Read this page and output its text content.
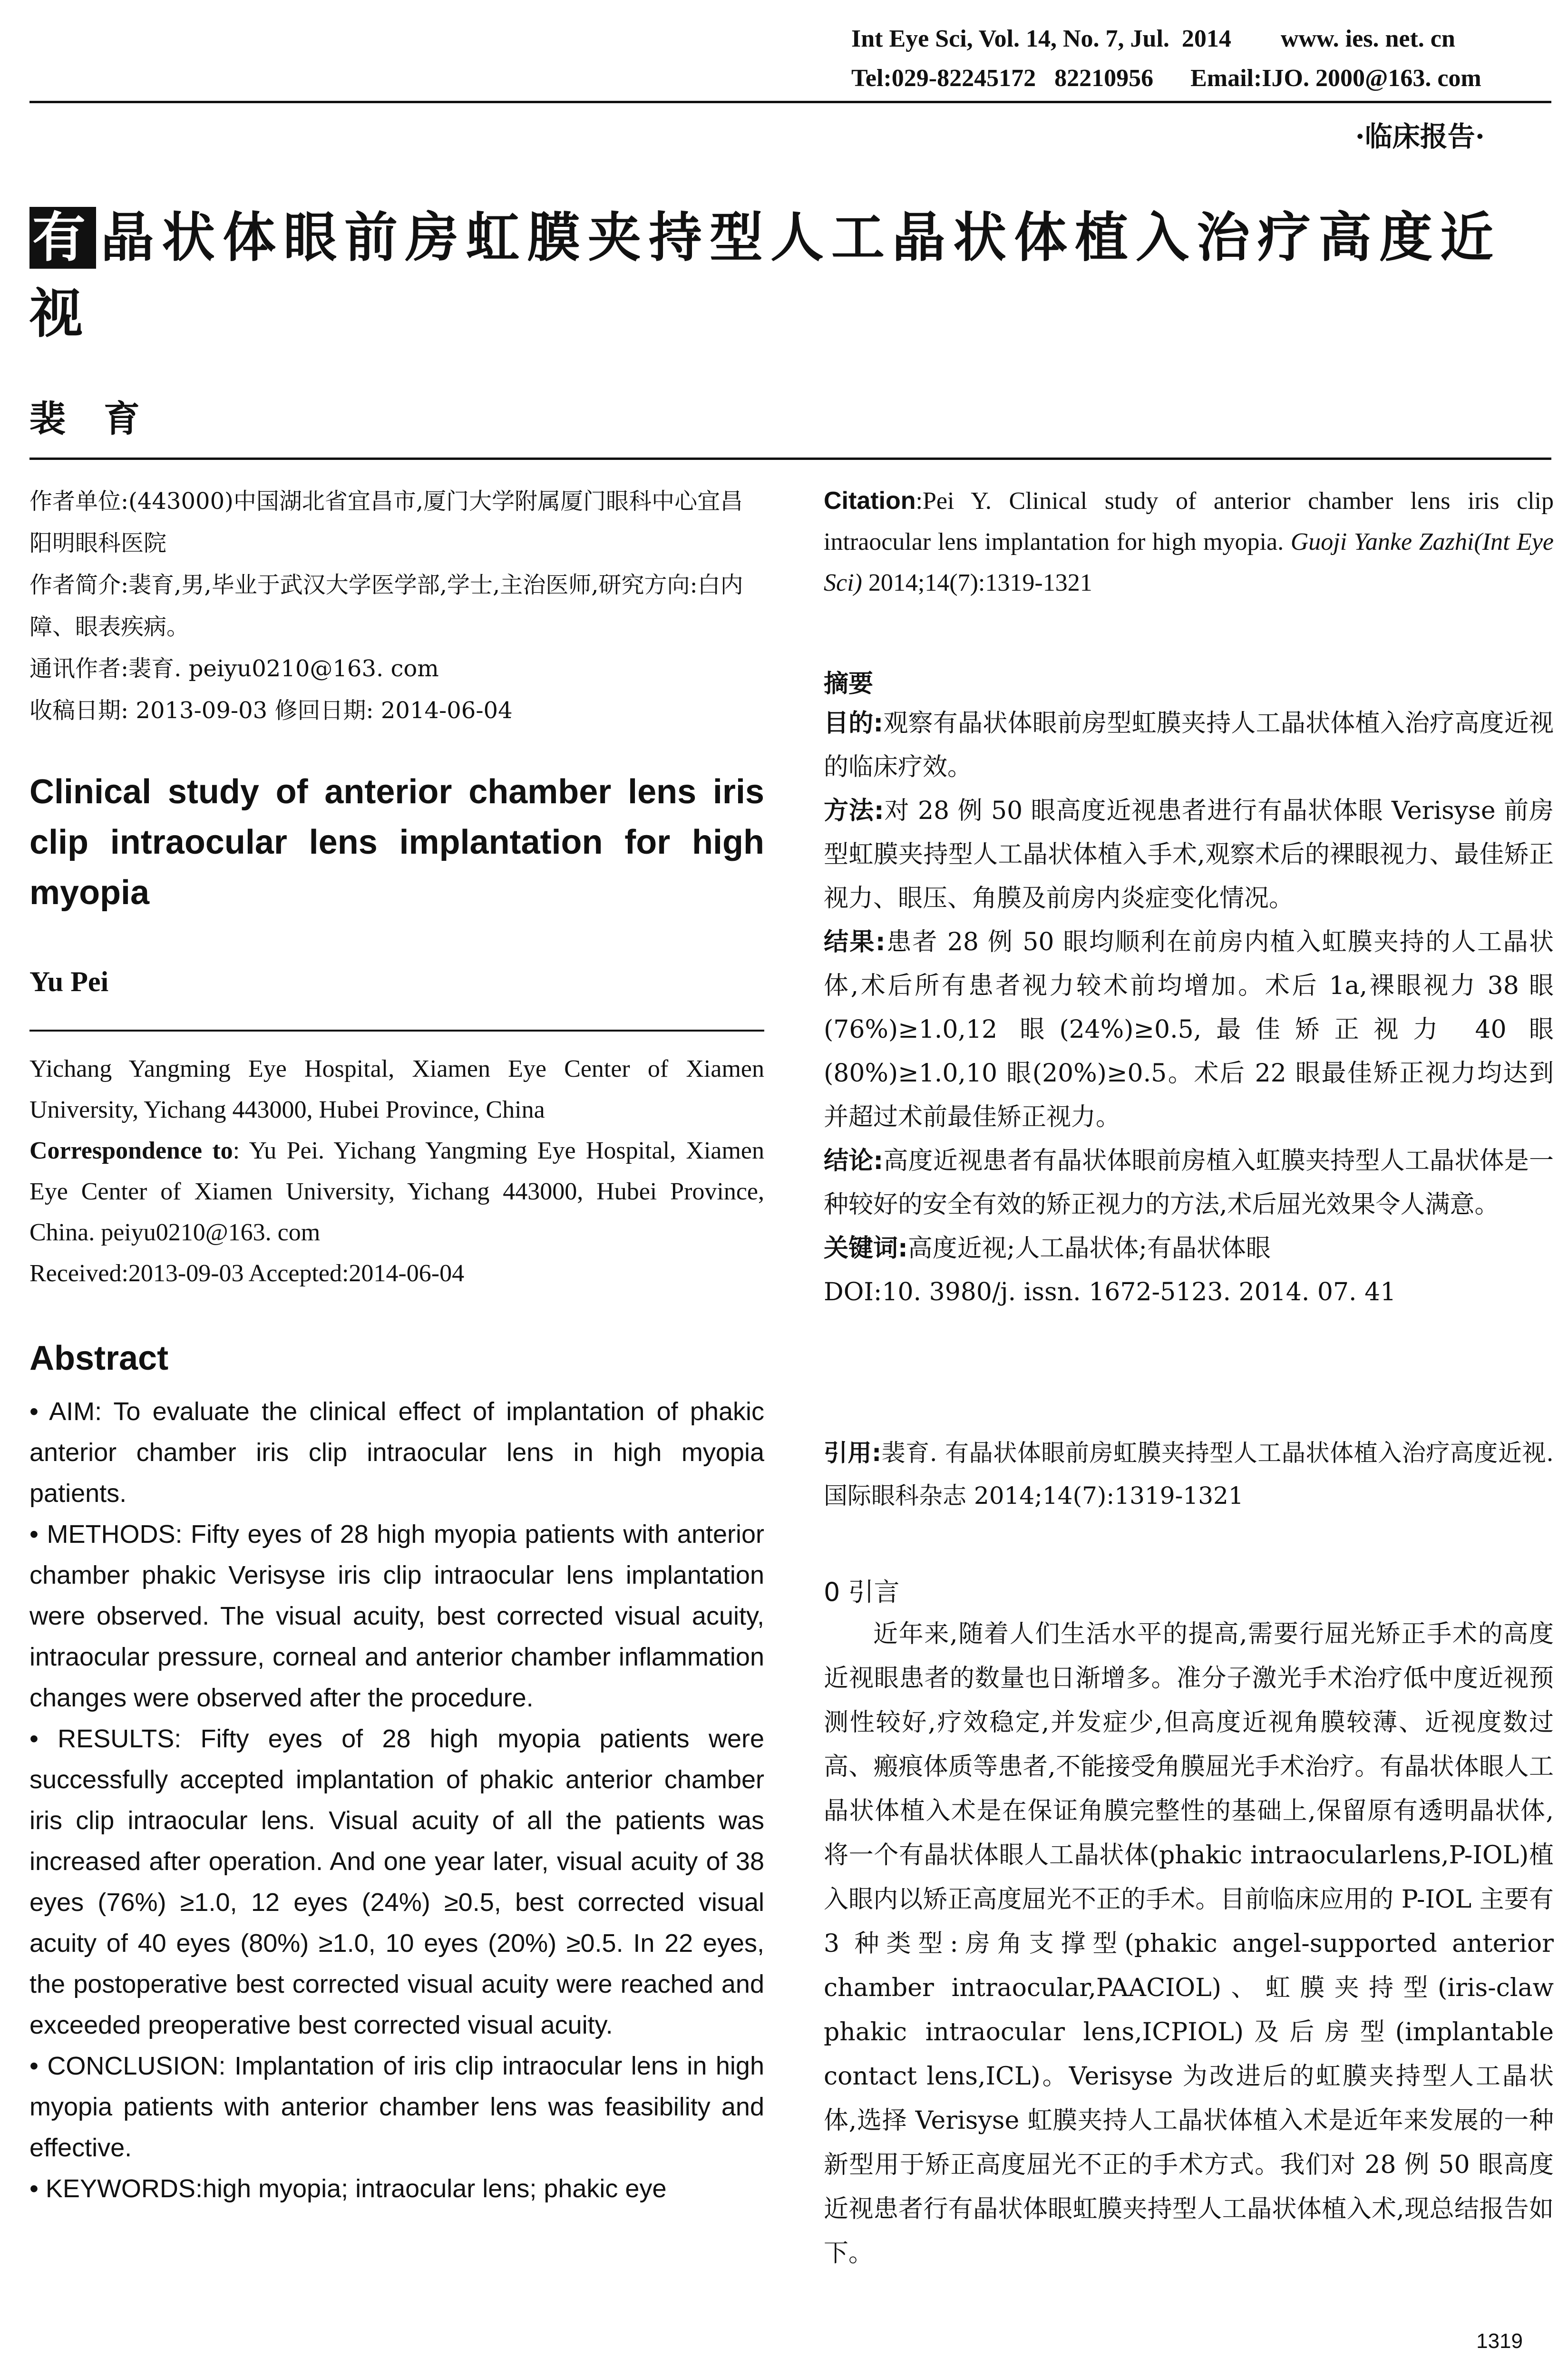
Int Eye Sci, Vol. 14, No. 7, Jul.  2014        www. ies. net. cn
Tel:029-82245172   82210956      Email:IJO. 2000@163. com
·临床报告·
有 晶状体眼前房虹膜夹持型人工晶状体植入治疗高度近视
裴育

作者单位:(443000)中国湖北省宜昌市,厦门大学附属厦门眼科中心宜昌阳明眼科医院

作者简介:裴育,男,毕业于武汉大学医学部,学士,主治医师,研究方向:白内障、眼表疾病。

通讯作者:裴育. peiyu0210@163. com

收稿日期: 2013-09-03 修回日期: 2014-06-04

Clinical study of anterior chamber lens iris clip intraocular lens implantation for high myopia
Yu Pei

Yichang Yangming Eye Hospital, Xiamen Eye Center of Xiamen University, Yichang 443000, Hubei Province, China

Correspondence to: Yu Pei. Yichang Yangming Eye Hospital, Xiamen Eye Center of Xiamen University, Yichang 443000, Hubei Province, China. peiyu0210@163. com

Received:2013-09-03 Accepted:2014-06-04

Abstract

• AIM: To evaluate the clinical effect of implantation of phakic anterior chamber iris clip intraocular lens in high myopia patients.

• METHODS: Fifty eyes of 28 high myopia patients with anterior chamber phakic Verisyse iris clip intraocular lens implantation were observed. The visual acuity, best corrected visual acuity, intraocular pressure, corneal and anterior chamber inflammation changes were observed after the procedure.

• RESULTS: Fifty eyes of 28 high myopia patients were successfully accepted implantation of phakic anterior chamber iris clip intraocular lens. Visual acuity of all the patients was increased after operation. And one year later, visual acuity of 38 eyes (76%) ≥1.0, 12 eyes (24%) ≥0.5, best corrected visual acuity of 40 eyes (80%) ≥1.0, 10 eyes (20%) ≥0.5. In 22 eyes, the postoperative best corrected visual acuity were reached and exceeded preoperative best corrected visual acuity.

• CONCLUSION: Implantation of iris clip intraocular lens in high myopia patients with anterior chamber lens was feasibility and effective.

• KEYWORDS:high myopia; intraocular lens; phakic eye

Citation:Pei Y. Clinical study of anterior chamber lens iris clip intraocular lens implantation for high myopia. Guoji Yanke Zazhi(Int Eye Sci) 2014;14(7):1319-1321
摘要

目的:观察有晶状体眼前房型虹膜夹持人工晶状体植入治疗高度近视的临床疗效。

方法:对 28 例 50 眼高度近视患者进行有晶状体眼 Verisyse 前房型虹膜夹持型人工晶状体植入手术,观察术后的裸眼视力、最佳矫正视力、眼压、角膜及前房内炎症变化情况。

结果:患者 28 例 50 眼均顺利在前房内植入虹膜夹持的人工晶状体,术后所有患者视力较术前均增加。术后 1a,裸眼视力 38 眼(76%)≥1.0,12 眼(24%)≥0.5,最佳矫正视力 40 眼(80%)≥1.0,10 眼(20%)≥0.5。术后 22 眼最佳矫正视力均达到并超过术前最佳矫正视力。

结论:高度近视患者有晶状体眼前房植入虹膜夹持型人工晶状体是一种较好的安全有效的矫正视力的方法,术后屈光效果令人满意。

关键词:高度近视;人工晶状体;有晶状体眼

DOI:10. 3980/j. issn. 1672-5123. 2014. 07. 41

引用:裴育. 有晶状体眼前房虹膜夹持型人工晶状体植入治疗高度近视. 国际眼科杂志 2014;14(7):1319-1321
0 引言
近年来,随着人们生活水平的提高,需要行屈光矫正手术的高度近视眼患者的数量也日渐增多。准分子激光手术治疗低中度近视预测性较好,疗效稳定,并发症少,但高度近视角膜较薄、近视度数过高、瘢痕体质等患者,不能接受角膜屈光手术治疗。有晶状体眼人工晶状体植入术是在保证角膜完整性的基础上,保留原有透明晶状体,将一个有晶状体眼人工晶状体(phakic intraocularlens,P-IOL)植入眼内以矫正高度屈光不正的手术。目前临床应用的 P-IOL 主要有 3 种类型:房角支撑型(phakic angel-supported anterior chamber intraocular,PAACIOL)、虹膜夹持型(iris-claw phakic intraocular lens,ICPIOL)及后房型(implantable contact lens,ICL)。Verisyse 为改进后的虹膜夹持型人工晶状体,选择 Verisyse 虹膜夹持人工晶状体植入术是近年来发展的一种新型用于矫正高度屈光不正的手术方式。我们对 28 例 50 眼高度近视患者行有晶状体眼虹膜夹持型人工晶状体植入术,现总结报告如下。
1319
